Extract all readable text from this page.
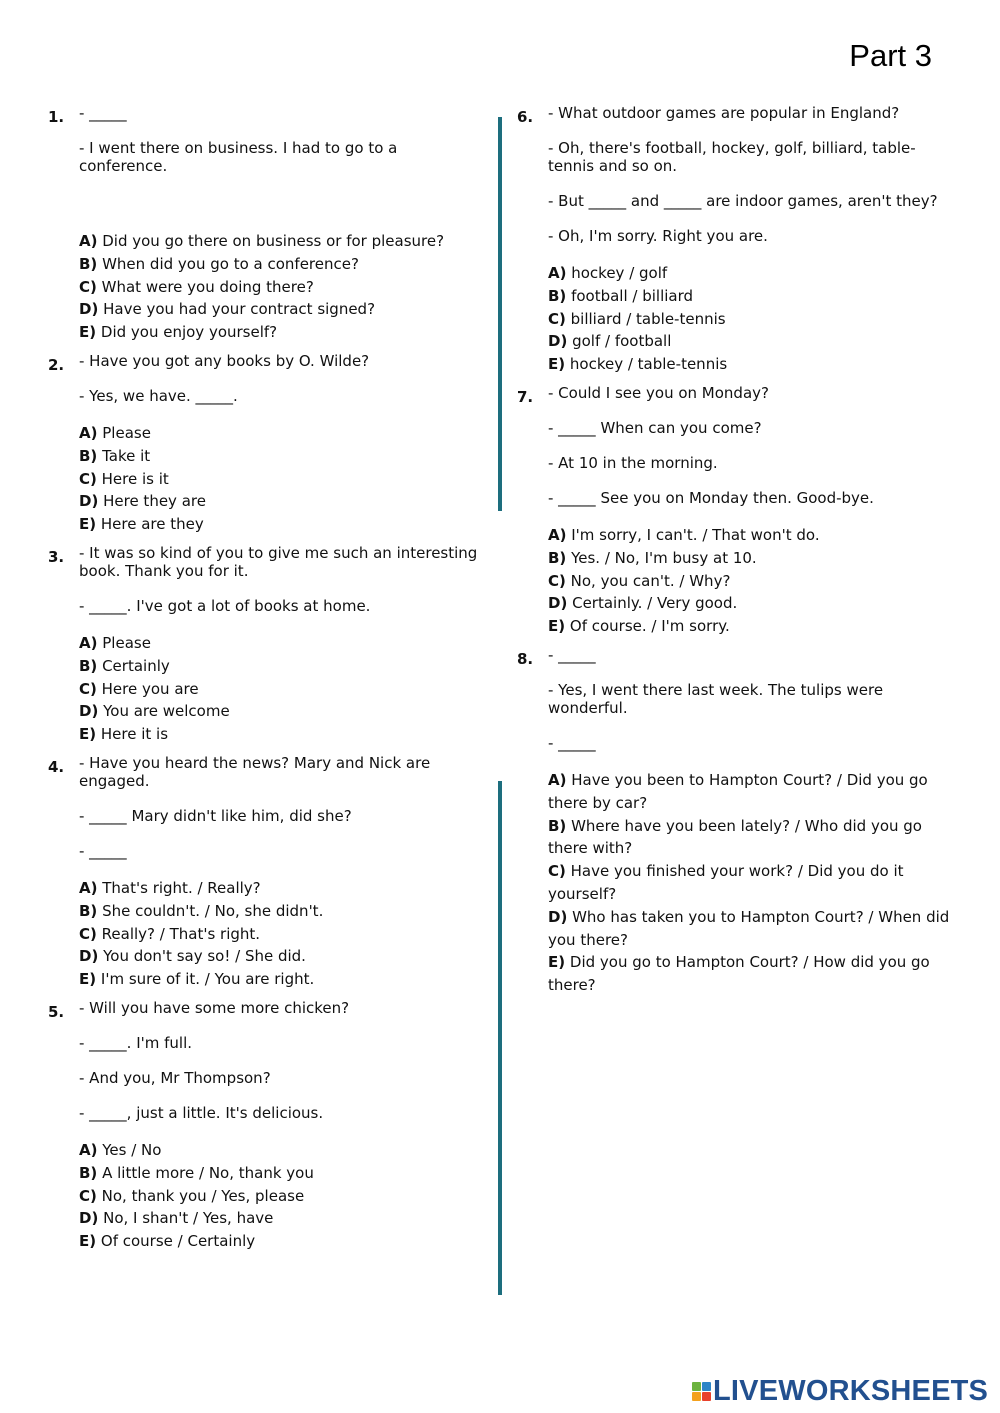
Part 3
1. - _____
- I went there on business. I had to go to a conference.
A) Did you go there on business or for pleasure?
B) When did you go to a conference?
C) What were you doing there?
D) Have you had your contract signed?
E) Did you enjoy yourself?
2. - Have you got any books by O. Wilde?
- Yes, we have. _____.
A) Please
B) Take it
C) Here is it
D) Here they are
E) Here are they
3. - It was so kind of you to give me such an interesting book. Thank you for it.
- _____. I've got a lot of books at home.
A) Please
B) Certainly
C) Here you are
D) You are welcome
E) Here it is
4. - Have you heard the news? Mary and Nick are engaged.
- _____ Mary didn't like him, did she?
- _____
A) That's right. / Really?
B) She couldn't. / No, she didn't.
C) Really? / That's right.
D) You don't say so! / She did.
E) I'm sure of it. / You are right.
5. - Will you have some more chicken?
- _____. I'm full.
- And you, Mr Thompson?
- _____, just a little. It's delicious.
A) Yes / No
B) A little more / No, thank you
C) No, thank you / Yes, please
D) No, I shan't / Yes, have
E) Of course / Certainly
6. - What outdoor games are popular in England?
- Oh, there's football, hockey, golf, billiard, table-tennis and so on.
- But _____ and _____ are indoor games, aren't they?
- Oh, I'm sorry. Right you are.
A) hockey / golf
B) football / billiard
C) billiard / table-tennis
D) golf / football
E) hockey / table-tennis
7. - Could I see you on Monday?
- _____ When can you come?
- At 10 in the morning.
- _____ See you on Monday then. Good-bye.
A) I'm sorry, I can't. / That won't do.
B) Yes. / No, I'm busy at 10.
C) No, you can't. / Why?
D) Certainly. / Very good.
E) Of course. / I'm sorry.
8. - _____
- Yes, I went there last week. The tulips were wonderful.
- _____
A) Have you been to Hampton Court? / Did you go there by car?
B) Where have you been lately? / Who did you go there with?
C) Have you finished your work? / Did you do it yourself?
D) Who has taken you to Hampton Court? / When did you there?
E) Did you go to Hampton Court? / How did you go there?
LIVEWORKSHEETS
